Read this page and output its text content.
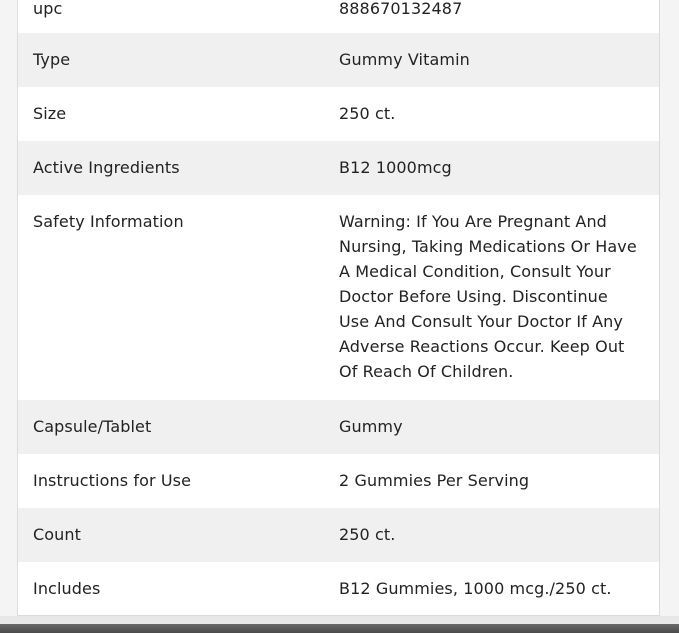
upc	888670132487

Type	Gummy Vitamin

Size	250 ct.

Active Ingredients	B12 1000mcg

Safety Information	Warning: If You Are Pregnant And Nursing, Taking Medications Or Have A Medical Condition, Consult Your Doctor Before Using. Discontinue Use And Consult Your Doctor If Any Adverse Reactions Occur. Keep Out Of Reach Of Children.

Capsule/Tablet	Gummy

Instructions for Use	2 Gummies Per Serving

Count	250 ct.

Includes	B12 Gummies, 1000 mcg./250 ct.
